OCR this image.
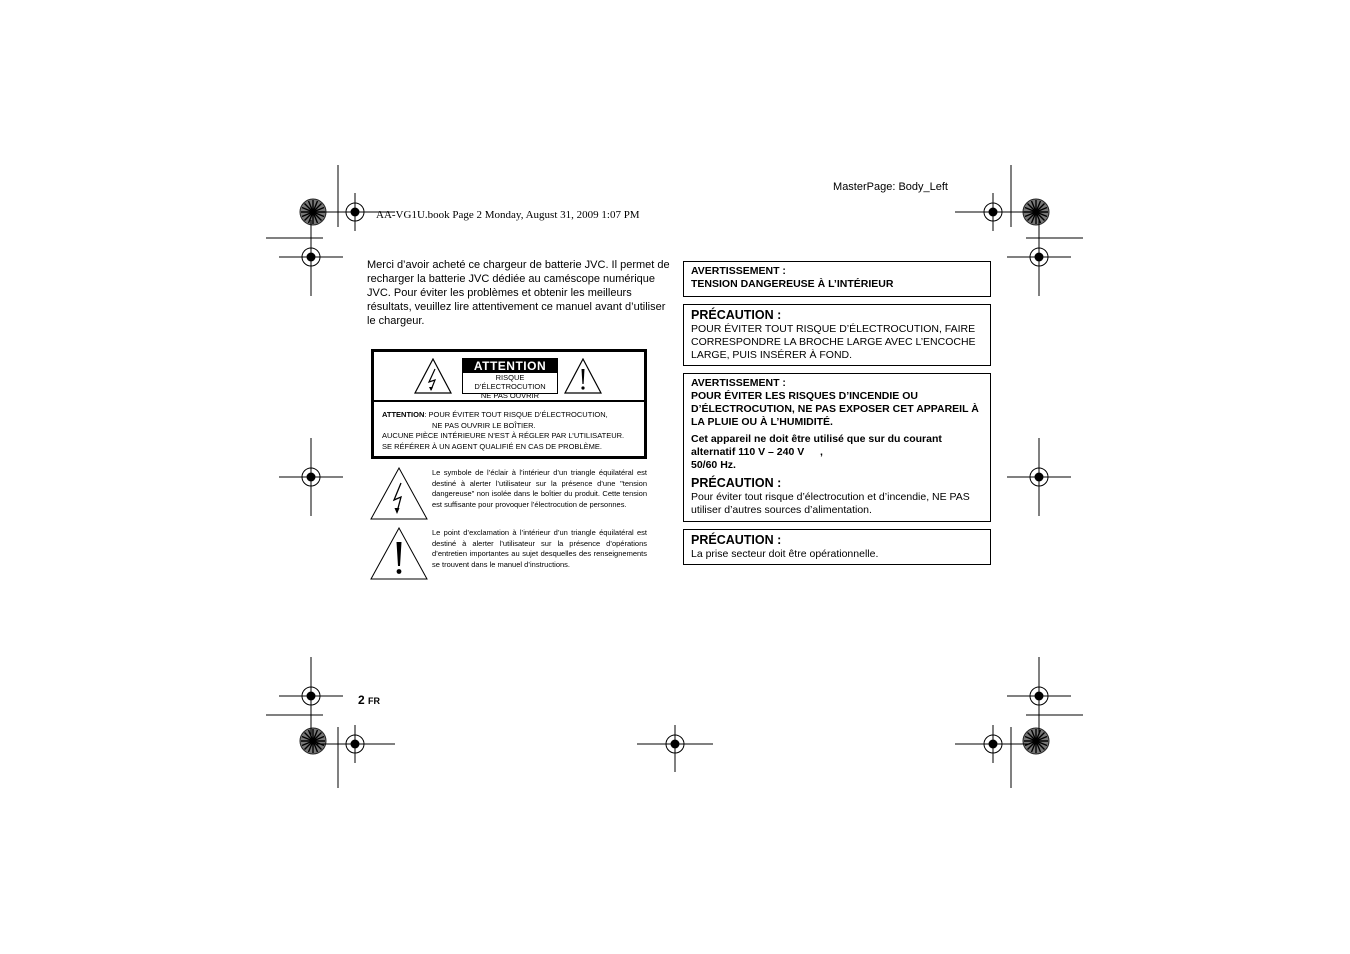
MasterPage: Body_Left
AA-VG1U.book Page 2 Monday, August 31, 2009 1:07 PM
Merci d’avoir acheté ce chargeur de batterie JVC. Il permet de recharger la batterie JVC dédiée au caméscope numérique JVC. Pour éviter les problèmes et obtenir les meilleurs résultats, veuillez lire attentivement ce manuel avant d’utiliser le chargeur.
ATTENTION
RISQUE D’ÉLECTROCUTION
NE PAS OUVRIR
ATTENTION: POUR ÉVITER TOUT RISQUE D’ÉLECTROCUTION,
NE PAS OUVRIR LE BOÎTIER.
AUCUNE PIÈCE INTÉRIEURE N’EST À RÉGLER PAR L’UTILISATEUR.
SE RÉFÉRER À UN AGENT QUALIFIÉ EN CAS DE PROBLÈME.
Le symbole de l’éclair à l’intérieur d’un triangle équilatéral est destiné à alerter l’utilisateur sur la présence d’une "tension dangereuse" non isolée dans le boîtier du produit. Cette tension est suffisante pour provoquer l’électrocution de personnes.
Le point d’exclamation à l’intérieur d’un triangle équilatéral est destiné à alerter l’utilisateur sur la présence d’opérations d’entretien importantes au sujet desquelles des renseignements se trouvent dans le manuel d’instructions.
AVERTISSEMENT :
TENSION DANGEREUSE À L’INTÉRIEUR
PRÉCAUTION :
POUR ÉVITER TOUT RISQUE D’ÉLECTROCUTION, FAIRE CORRESPONDRE LA BROCHE LARGE AVEC L’ENCOCHE LARGE, PUIS INSÉRER À FOND.
AVERTISSEMENT :
POUR ÉVITER LES RISQUES D’INCENDIE OU D’ÉLECTROCUTION, NE PAS EXPOSER CET APPAREIL À LA PLUIE OU À L’HUMIDITÉ.
Cet appareil ne doit être utilisé que sur du courant
alternatif 110 V – 240 V   ,
50/60 Hz.
PRÉCAUTION :
Pour éviter tout risque d’électrocution et d’incendie, NE PAS utiliser d’autres sources d’alimentation.
PRÉCAUTION :
La prise secteur doit être opérationnelle.
2 FR
